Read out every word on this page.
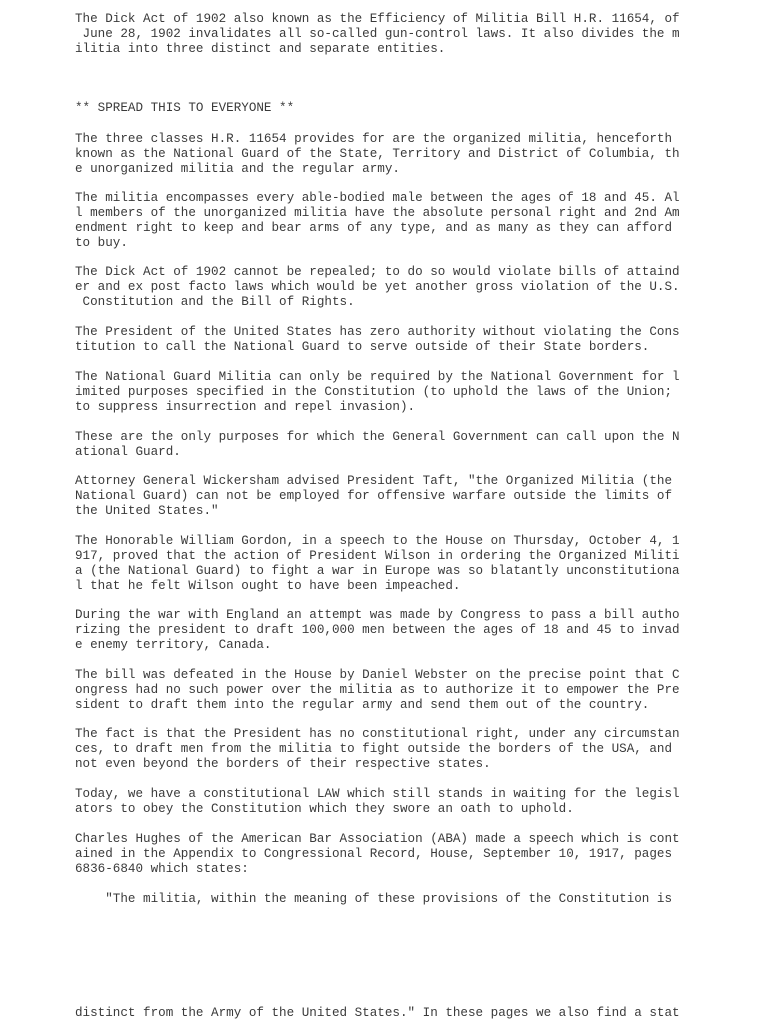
The Dick Act of 1902 also known as the Efficiency of Militia Bill H.R. 11654, of
June 28, 1902 invalidates all so-called gun-control laws. It also divides the m
ilitia into three distinct and separate entities.
** SPREAD THIS TO EVERYONE **
The three classes H.R. 11654 provides for are the organized militia, henceforth
known as the National Guard of the State, Territory and District of Columbia, th
e unorganized militia and the regular army.
The militia encompasses every able-bodied male between the ages of 18 and 45. Al
l members of the unorganized militia have the absolute personal right and 2nd Am
endment right to keep and bear arms of any type, and as many as they can afford
to buy.
The Dick Act of 1902 cannot be repealed; to do so would violate bills of attaind
er and ex post facto laws which would be yet another gross violation of the U.S.
Constitution and the Bill of Rights.
The President of the United States has zero authority without violating the Cons
titution to call the National Guard to serve outside of their State borders.
The National Guard Militia can only be required by the National Government for l
imited purposes specified in the Constitution (to uphold the laws of the Union;
to suppress insurrection and repel invasion).
These are the only purposes for which the General Government can call upon the N
ational Guard.
Attorney General Wickersham advised President Taft, "the Organized Militia (the
National Guard) can not be employed for offensive warfare outside the limits of
the United States."
The Honorable William Gordon, in a speech to the House on Thursday, October 4, 1
917, proved that the action of President Wilson in ordering the Organized Militi
a (the National Guard) to fight a war in Europe was so blatantly unconstitutiona
l that he felt Wilson ought to have been impeached.
During the war with England an attempt was made by Congress to pass a bill autho
rizing the president to draft 100,000 men between the ages of 18 and 45 to invad
e enemy territory, Canada.
The bill was defeated in the House by Daniel Webster on the precise point that C
ongress had no such power over the militia as to authorize it to empower the Pre
sident to draft them into the regular army and send them out of the country.
The fact is that the President has no constitutional right, under any circumstan
ces, to draft men from the militia to fight outside the borders of the USA, and
not even beyond the borders of their respective states.
Today, we have a constitutional LAW which still stands in waiting for the legisl
ators to obey the Constitution which they swore an oath to uphold.
Charles Hughes of the American Bar Association (ABA) made a speech which is cont
ained in the Appendix to Congressional Record, House, September 10, 1917, pages
6836-6840 which states:
"The militia, within the meaning of these provisions of the Constitution is
distinct from the Army of the United States." In these pages we also find a stat
